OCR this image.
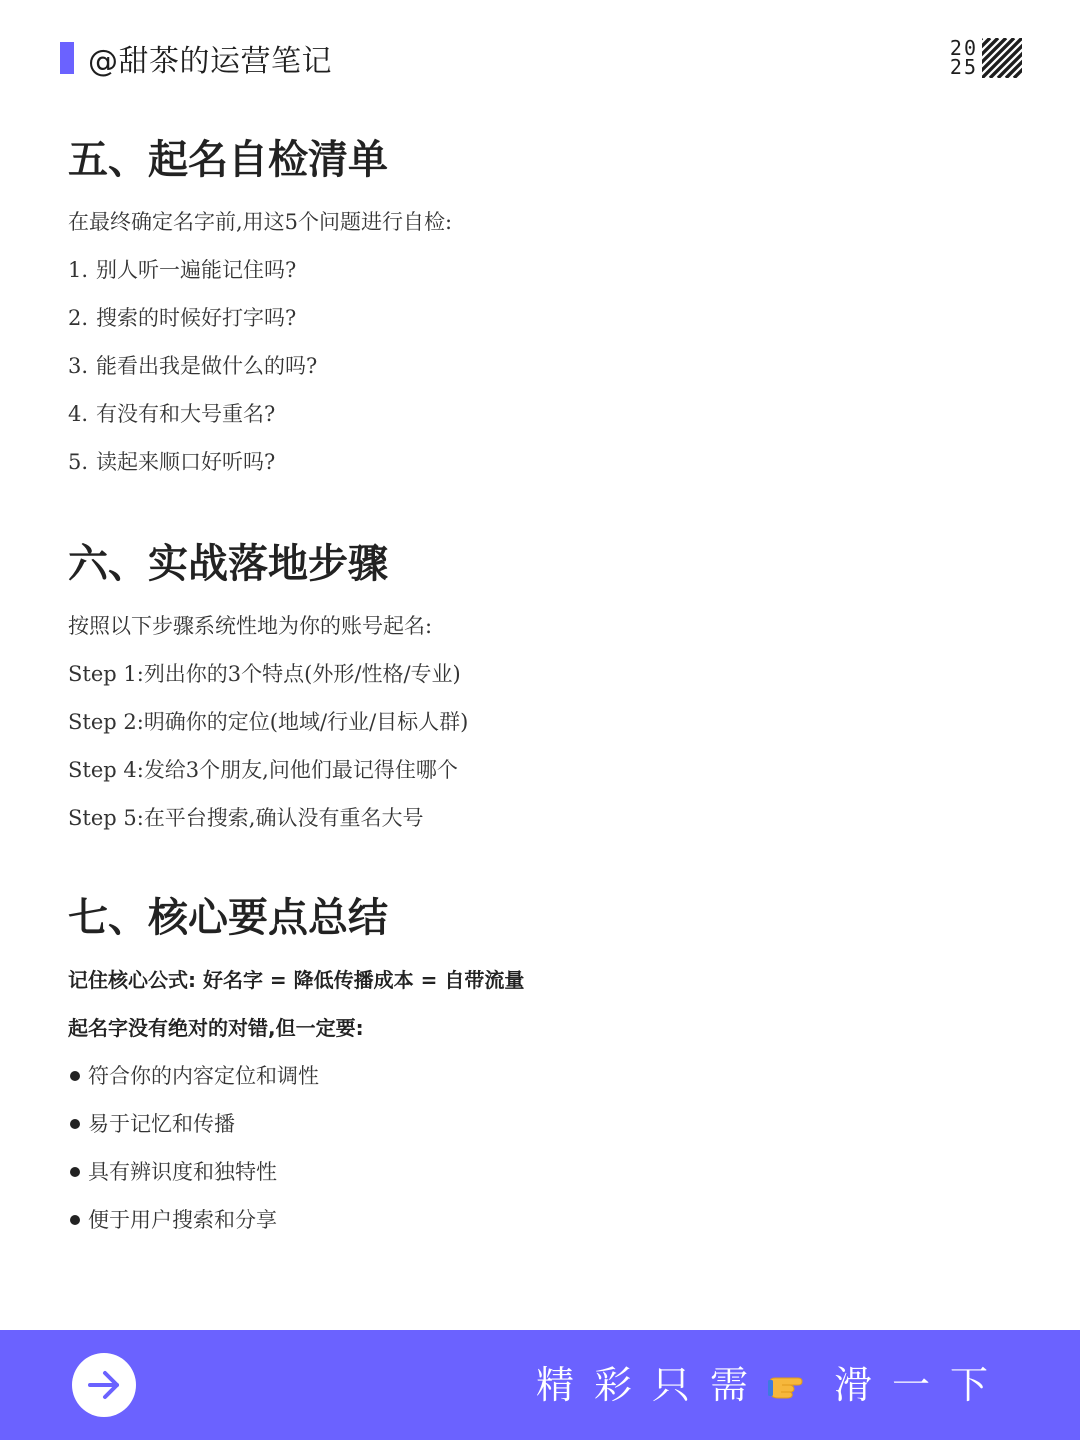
@甜茶的运营笔记	20
25
五、起名自检清单
在最终确定名字前,用这5个问题进行自检:
1. 别人听一遍能记住吗?
2. 搜索的时候好打字吗?
3. 能看出我是做什么的吗?
4. 有没有和大号重名?
5. 读起来顺口好听吗?
六、实战落地步骤
按照以下步骤系统性地为你的账号起名:
Step 1: 列出你的3个特点(外形/性格/专业)
Step 2: 明确你的定位(地域/行业/目标人群)
Step 4: 发给3个朋友,问他们最记得住哪个
Step 5: 在平台搜索,确认没有重名大号
七、核心要点总结
记住核心公式: 好名字 = 降低传播成本 = 自带流量
起名字没有绝对的对错,但一定要:
符合你的内容定位和调性
易于记忆和传播
具有辨识度和独特性
便于用户搜索和分享
精彩只需 滑一下
